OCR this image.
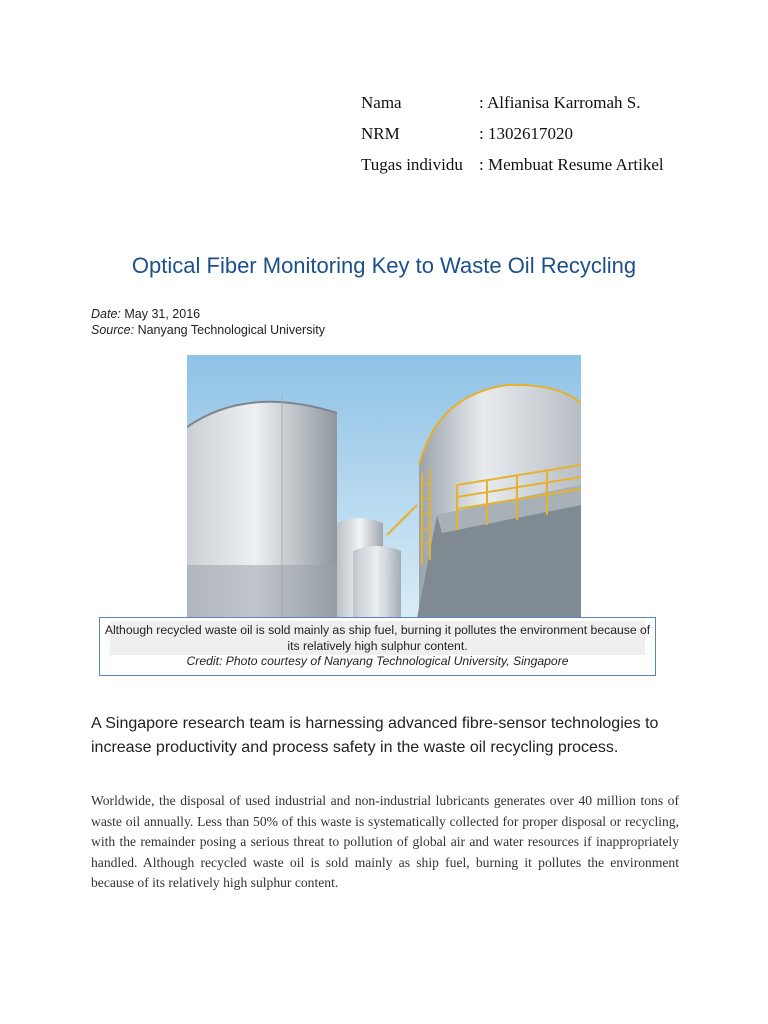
Nama	: Alfianisa Karromah S.
NRM	: 1302617020
Tugas individu : Membuat Resume Artikel
Optical Fiber Monitoring Key to Waste Oil Recycling
Date: May 31, 2016
Source: Nanyang Technological University
Although recycled waste oil is sold mainly as ship fuel, burning it pollutes the environment because of its relatively high sulphur content.
Credit: Photo courtesy of Nanyang Technological University, Singapore
A Singapore research team is harnessing advanced fibre-sensor technologies to increase productivity and process safety in the waste oil recycling process.
Worldwide, the disposal of used industrial and non-industrial lubricants generates over 40 million tons of waste oil annually. Less than 50% of this waste is systematically collected for proper disposal or recycling, with the remainder posing a serious threat to pollution of global air and water resources if inappropriately handled. Although recycled waste oil is sold mainly as ship fuel, burning it pollutes the environment because of its relatively high sulphur content.
